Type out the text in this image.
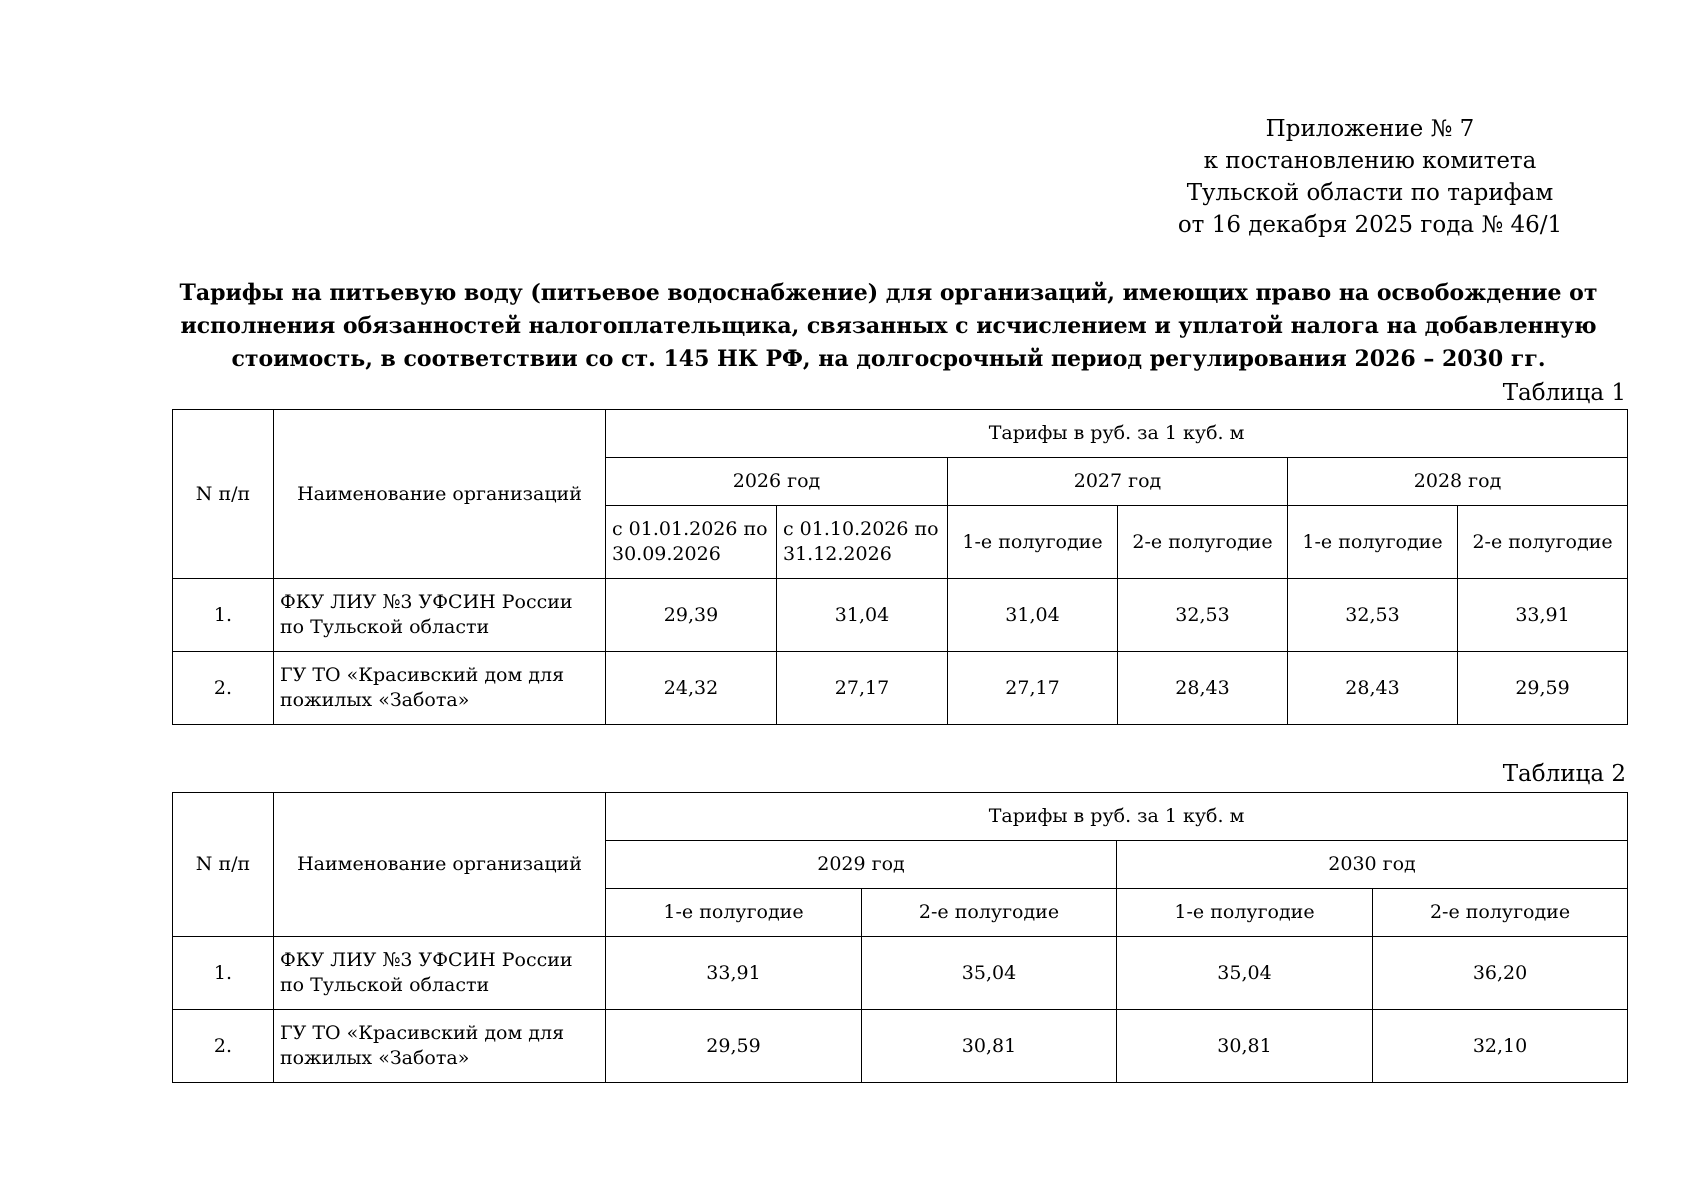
Приложение № 7
к постановлению комитета
Тульской области по тарифам
от 16 декабря 2025 года № 46/1

Тарифы на питьевую воду (питьевое водоснабжение) для организаций, имеющих право на освобождение от исполнения обязанностей налогоплательщика, связанных с исчислением и уплатой налога на добавленную стоимость, в соответствии со ст. 145 НК РФ, на долгосрочный период регулирования 2026 – 2030 гг.

Таблица 1
N п/п	Наименование организаций	Тарифы в руб. за 1 куб. м					
		2026 год		2027 год		2028 год	
		с 01.01.2026 по 30.09.2026	с 01.10.2026 по 31.12.2026	1-е полугодие	2-е полугодие	1-е полугодие	2-е полугодие
1.	ФКУ ЛИУ №3 УФСИН России по Тульской области	29,39	31,04	31,04	32,53	32,53	33,91
2.	ГУ ТО «Красивский дом для пожилых «Забота»	24,32	27,17	27,17	28,43	28,43	29,59
Таблица 2
N п/п	Наименование организаций	Тарифы в руб. за 1 куб. м			
		2029 год		2030 год	
		1-е полугодие	2-е полугодие	1-е полугодие	2-е полугодие
1.	ФКУ ЛИУ №3 УФСИН России по Тульской области	33,91	35,04	35,04	36,20
2.	ГУ ТО «Красивский дом для пожилых «Забота»	29,59	30,81	30,81	32,10
